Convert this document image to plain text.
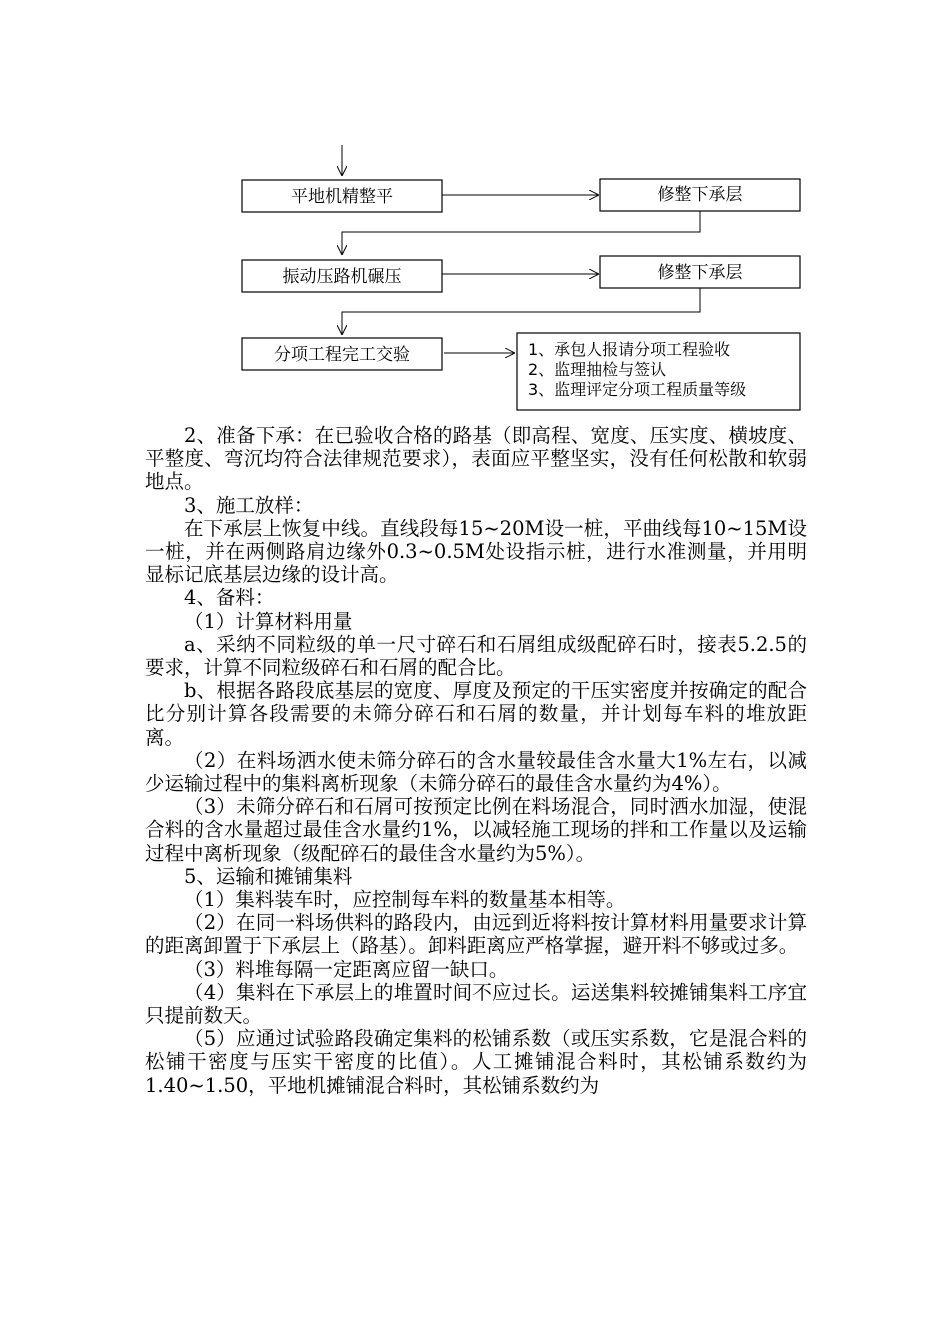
平地机精整平	修整下承层
振动压路机碾压	修整下承层
分项工程完工交验	1、承包人报请分项工程验收
2、监理抽检与签认
3、监理评定分项工程质量等级

2、准备下承：在已验收合格的路基（即高程、宽度、压实度、横坡度、平整度、弯沉均符合法律规范要求），表面应平整坚实，没有任何松散和软弱地点。

3、施工放样：

在下承层上恢复中线。直线段每15~20M设一桩，平曲线每10~15M设一桩，并在两侧路肩边缘外0.3~0.5M处设指示桩，进行水准测量，并用明显标记底基层边缘的设计高。

4、备料：

（1）计算材料用量

a、采纳不同粒级的单一尺寸碎石和石屑组成级配碎石时，接表5.2.5的要求，计算不同粒级碎石和石屑的配合比。

b、根据各路段底基层的宽度、厚度及预定的干压实密度并按确定的配合比分别计算各段需要的未筛分碎石和石屑的数量，并计划每车料的堆放距离。

（2）在料场洒水使未筛分碎石的含水量较最佳含水量大1%左右，以减少运输过程中的集料离析现象（未筛分碎石的最佳含水量约为4%）。

（3）未筛分碎石和石屑可按预定比例在料场混合，同时洒水加湿，使混合料的含水量超过最佳含水量约1%，以减轻施工现场的拌和工作量以及运输过程中离析现象（级配碎石的最佳含水量约为5%）。

5、运输和摊铺集料

（1）集料装车时，应控制每车料的数量基本相等。

（2）在同一料场供料的路段内，由远到近将料按计算材料用量要求计算的距离卸置于下承层上（路基）。卸料距离应严格掌握，避开料不够或过多。

（3）料堆每隔一定距离应留一缺口。

（4）集料在下承层上的堆置时间不应过长。运送集料较摊铺集料工序宜只提前数天。

（5）应通过试验路段确定集料的松铺系数（或压实系数，它是混合料的松铺干密度与压实干密度的比值）。人工摊铺混合料时，其松铺系数约为1.40~1.50，平地机摊铺混合料时，其松铺系数约为
